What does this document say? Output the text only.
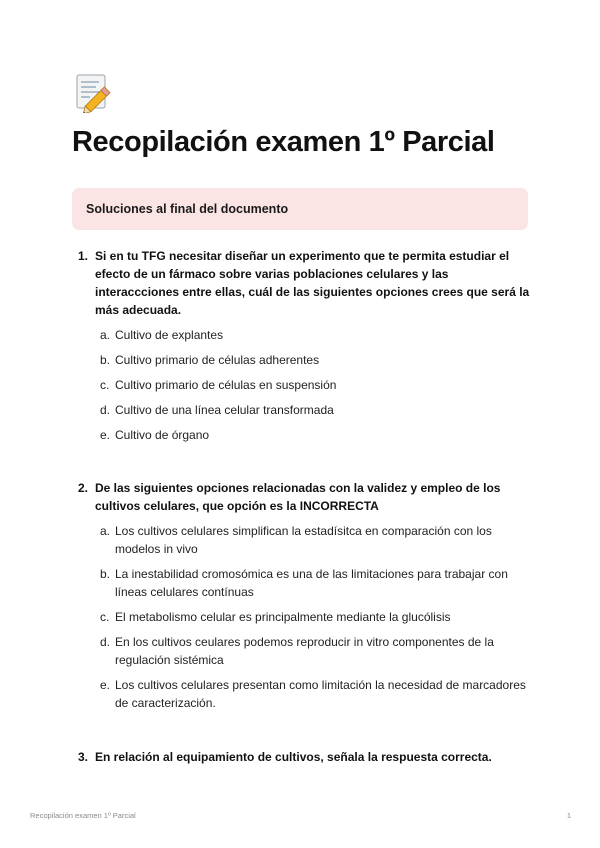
Recopilación examen 1º Parcial
Soluciones al final del documento
1. Si en tu TFG necesitar diseñar un experimento que te permita estudiar el efecto de un fármaco sobre varias poblaciones celulares y las interaccciones entre ellas, cuál de las siguientes opciones crees que será la más adecuada.
a. Cultivo de explantes
b. Cultivo primario de células adherentes
c. Cultivo primario de células en suspensión
d. Cultivo de una línea celular transformada
e. Cultivo de órgano
2. De las siguientes opciones relacionadas con la validez y empleo de los cultivos celulares, que opción es la INCORRECTA
a. Los cultivos celulares simplifican la estadísitca en comparación con los modelos in vivo
b. La inestabilidad cromosómica es una de las limitaciones para trabajar con líneas celulares contínuas
c. El metabolismo celular es principalmente mediante la glucólisis
d. En los cultivos ceulares podemos reproducir in vitro componentes de la regulación sistémica
e. Los cultivos celulares presentan como limitación la necesidad de marcadores de caracterización.
3. En relación al equipamiento de cultivos, señala la respuesta correcta.
Recopilación examen 1º Parcial	1
